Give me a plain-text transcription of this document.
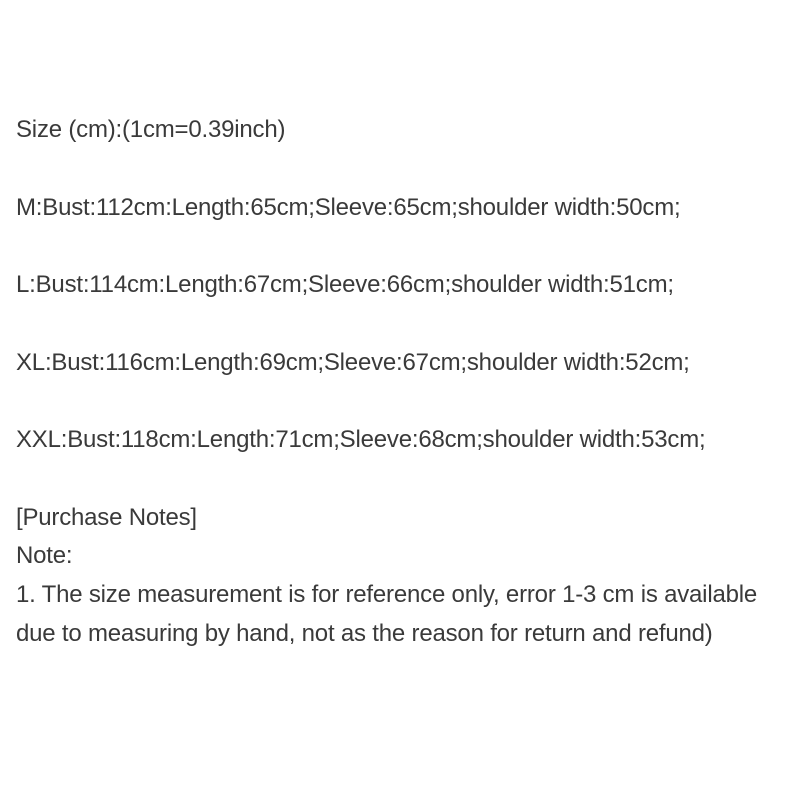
Size (cm):(1cm=0.39inch)
M:Bust:112cm:Length:65cm;Sleeve:65cm;shoulder width:50cm;
L:Bust:114cm:Length:67cm;Sleeve:66cm;shoulder width:51cm;
XL:Bust:116cm:Length:69cm;Sleeve:67cm;shoulder width:52cm;
XXL:Bust:118cm:Length:71cm;Sleeve:68cm;shoulder width:53cm;
[Purchase Notes]
Note:
1. The size measurement is for reference only, error 1-3 cm is available due to measuring by hand, not as the reason for return and refund)
